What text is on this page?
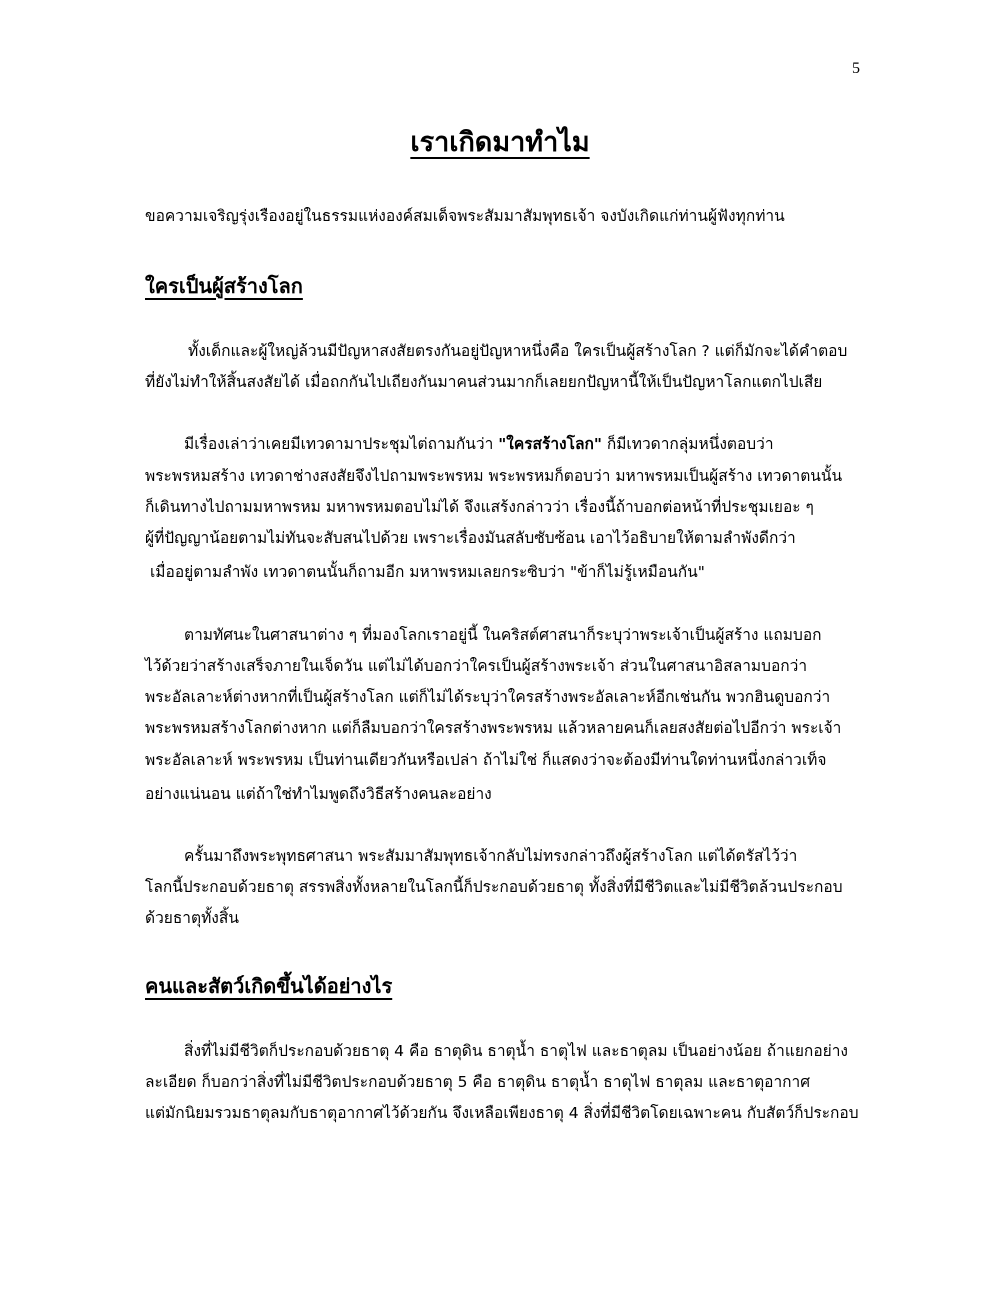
5
เราเกิดมาทำไม

ขอความเจริญรุ่งเรืองอยู่ในธรรมแห่งองค์สมเด็จพระสัมมาสัมพุทธเจ้า จงบังเกิดแก่ท่านผู้ฟังทุกท่าน

ใครเป็นผู้สร้างโลก

ทั้งเด็กและผู้ใหญ่ล้วนมีปัญหาสงสัยตรงกันอยู่ปัญหาหนึ่งคือ ใครเป็นผู้สร้างโลก ? แต่ก็มักจะได้คำตอบ

ที่ยังไม่ทำให้สิ้นสงสัยได้ เมื่อถกกันไปเถียงกันมาคนส่วนมากก็เลยยกปัญหานี้ให้เป็นปัญหาโลกแตกไปเสีย

มีเรื่องเล่าว่าเคยมีเทวดามาประชุมไต่ถามกันว่า "ใครสร้างโลก" ก็มีเทวดากลุ่มหนึ่งตอบว่า

พระพรหมสร้าง เทวดาช่างสงสัยจึงไปถามพระพรหม พระพรหมก็ตอบว่า มหาพรหมเป็นผู้สร้าง เทวดาตนนั้น

ก็เดินทางไปถามมหาพรหม มหาพรหมตอบไม่ได้ จึงแสร้งกล่าวว่า เรื่องนี้ถ้าบอกต่อหน้าที่ประชุมเยอะ ๆ

ผู้ที่ปัญญาน้อยตามไม่ทันจะสับสนไปด้วย เพราะเรื่องมันสลับซับซ้อน เอาไว้อธิบายให้ตามลำพังดีกว่า

เมื่ออยู่ตามลำพัง เทวดาตนนั้นก็ถามอีก มหาพรหมเลยกระซิบว่า "ข้าก็ไม่รู้เหมือนกัน"

ตามทัศนะในศาสนาต่าง ๆ ที่มองโลกเราอยู่นี้ ในคริสต์ศาสนาก็ระบุว่าพระเจ้าเป็นผู้สร้าง แถมบอก

ไว้ด้วยว่าสร้างเสร็จภายในเจ็ดวัน แต่ไม่ได้บอกว่าใครเป็นผู้สร้างพระเจ้า ส่วนในศาสนาอิสลามบอกว่า

พระอัลเลาะห์ต่างหากที่เป็นผู้สร้างโลก แต่ก็ไม่ได้ระบุว่าใครสร้างพระอัลเลาะห์อีกเช่นกัน พวกฮินดูบอกว่า

พระพรหมสร้างโลกต่างหาก แต่ก็ลืมบอกว่าใครสร้างพระพรหม แล้วหลายคนก็เลยสงสัยต่อไปอีกว่า พระเจ้า

พระอัลเลาะห์ พระพรหม เป็นท่านเดียวกันหรือเปล่า ถ้าไม่ใช่ ก็แสดงว่าจะต้องมีท่านใดท่านหนึ่งกล่าวเท็จ

อย่างแน่นอน แต่ถ้าใช่ทำไมพูดถึงวิธีสร้างคนละอย่าง

ครั้นมาถึงพระพุทธศาสนา พระสัมมาสัมพุทธเจ้ากลับไม่ทรงกล่าวถึงผู้สร้างโลก แต่ได้ตรัสไว้ว่า

โลกนี้ประกอบด้วยธาตุ สรรพสิ่งทั้งหลายในโลกนี้ก็ประกอบด้วยธาตุ ทั้งสิ่งที่มีชีวิตและไม่มีชีวิตล้วนประกอบ

ด้วยธาตุทั้งสิ้น

คนและสัตว์เกิดขึ้นได้อย่างไร

สิ่งที่ไม่มีชีวิตก็ประกอบด้วยธาตุ 4 คือ ธาตุดิน ธาตุน้ำ ธาตุไฟ และธาตุลม เป็นอย่างน้อย ถ้าแยกอย่าง

ละเอียด ก็บอกว่าสิ่งที่ไม่มีชีวิตประกอบด้วยธาตุ 5 คือ ธาตุดิน ธาตุน้ำ ธาตุไฟ ธาตุลม และธาตุอากาศ

แต่มักนิยมรวมธาตุลมกับธาตุอากาศไว้ด้วยกัน จึงเหลือเพียงธาตุ 4 สิ่งที่มีชีวิตโดยเฉพาะคน กับสัตว์ก็ประกอบ
